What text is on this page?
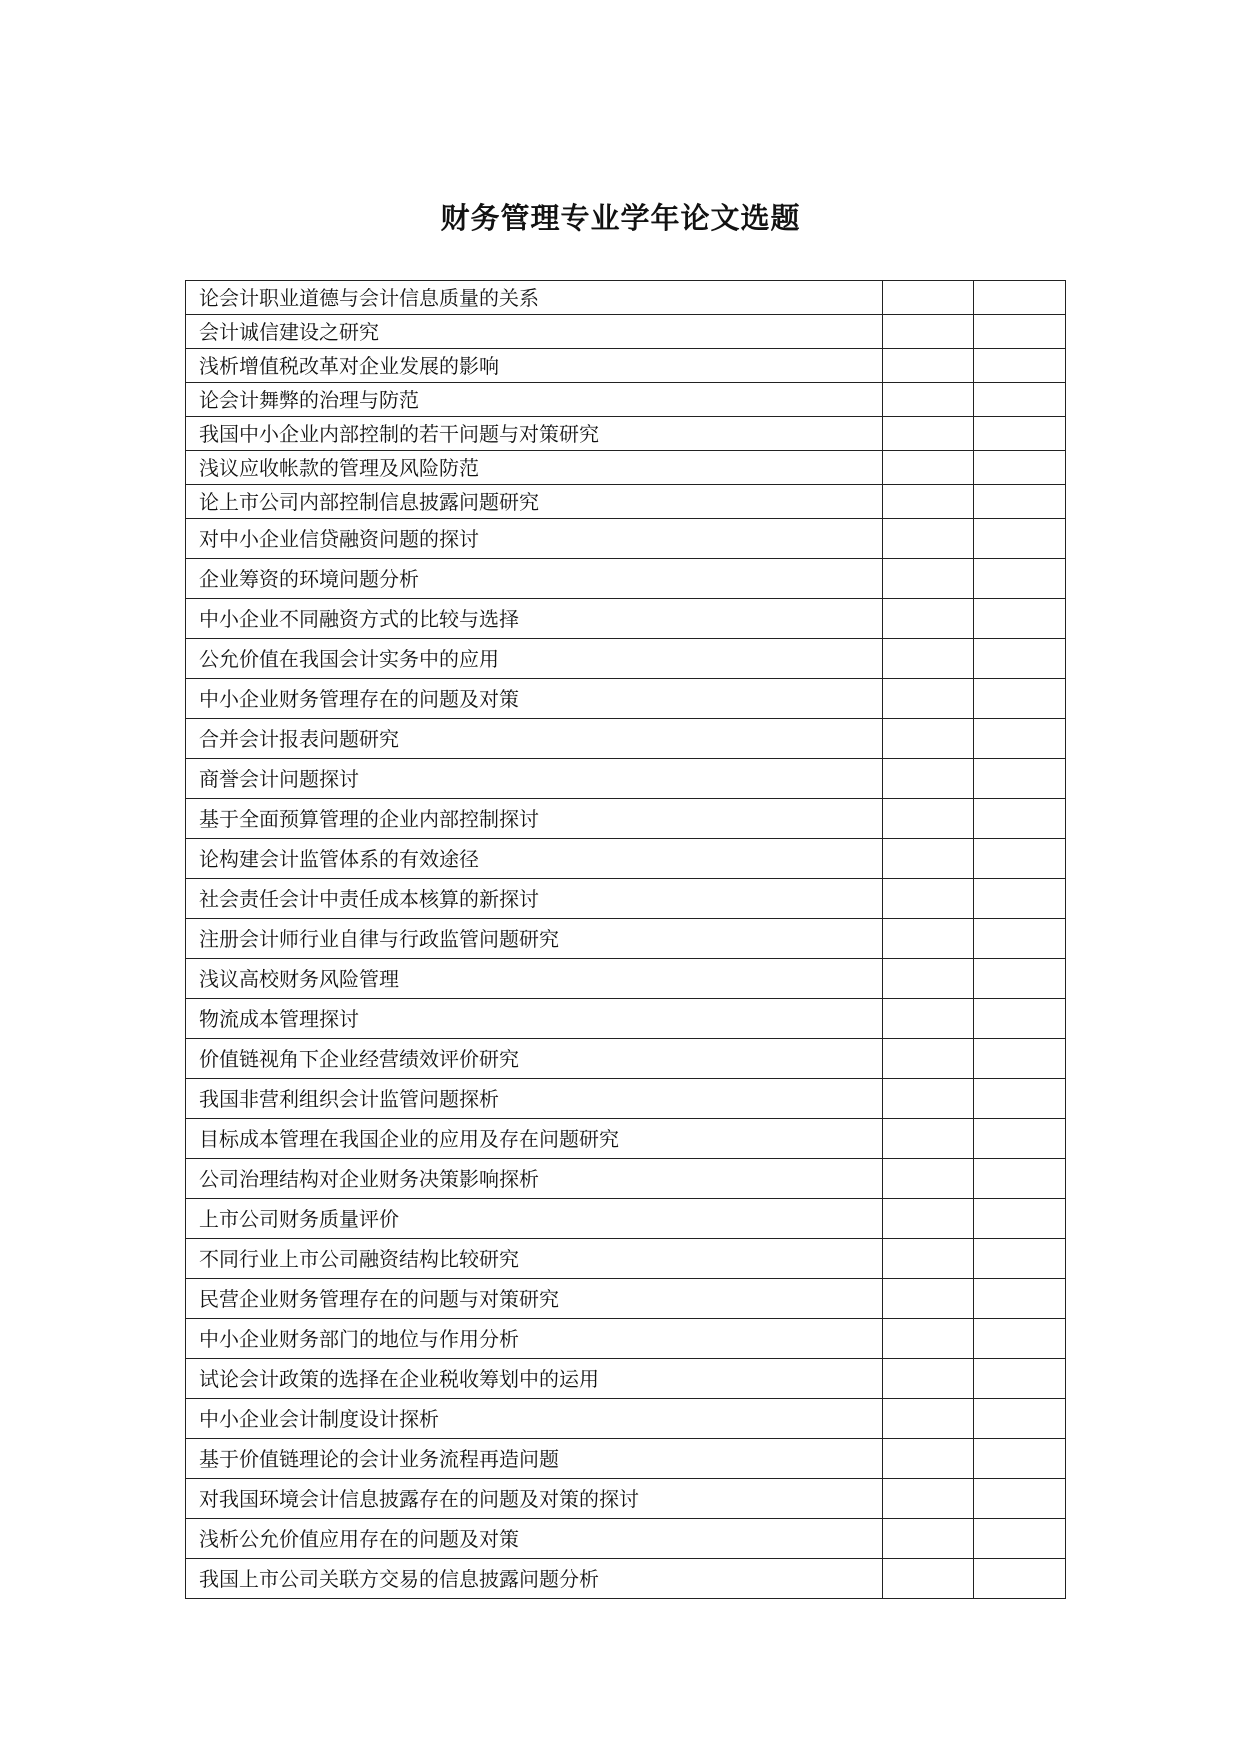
财务管理专业学年论文选题
论会计职业道德与会计信息质量的关系		
会计诚信建设之研究		
浅析增值税改革对企业发展的影响		
论会计舞弊的治理与防范		
我国中小企业内部控制的若干问题与对策研究		
浅议应收帐款的管理及风险防范		
论上市公司内部控制信息披露问题研究		
对中小企业信贷融资问题的探讨		
企业筹资的环境问题分析		
中小企业不同融资方式的比较与选择		
公允价值在我国会计实务中的应用		
中小企业财务管理存在的问题及对策		
合并会计报表问题研究		
商誉会计问题探讨		
基于全面预算管理的企业内部控制探讨		
论构建会计监管体系的有效途径		
社会责任会计中责任成本核算的新探讨		
注册会计师行业自律与行政监管问题研究		
浅议高校财务风险管理		
物流成本管理探讨		
价值链视角下企业经营绩效评价研究		
我国非营利组织会计监管问题探析		
目标成本管理在我国企业的应用及存在问题研究		
公司治理结构对企业财务决策影响探析		
上市公司财务质量评价		
不同行业上市公司融资结构比较研究		
民营企业财务管理存在的问题与对策研究		
中小企业财务部门的地位与作用分析		
试论会计政策的选择在企业税收筹划中的运用		
中小企业会计制度设计探析		
基于价值链理论的会计业务流程再造问题		
对我国环境会计信息披露存在的问题及对策的探讨		
浅析公允价值应用存在的问题及对策		
我国上市公司关联方交易的信息披露问题分析		
